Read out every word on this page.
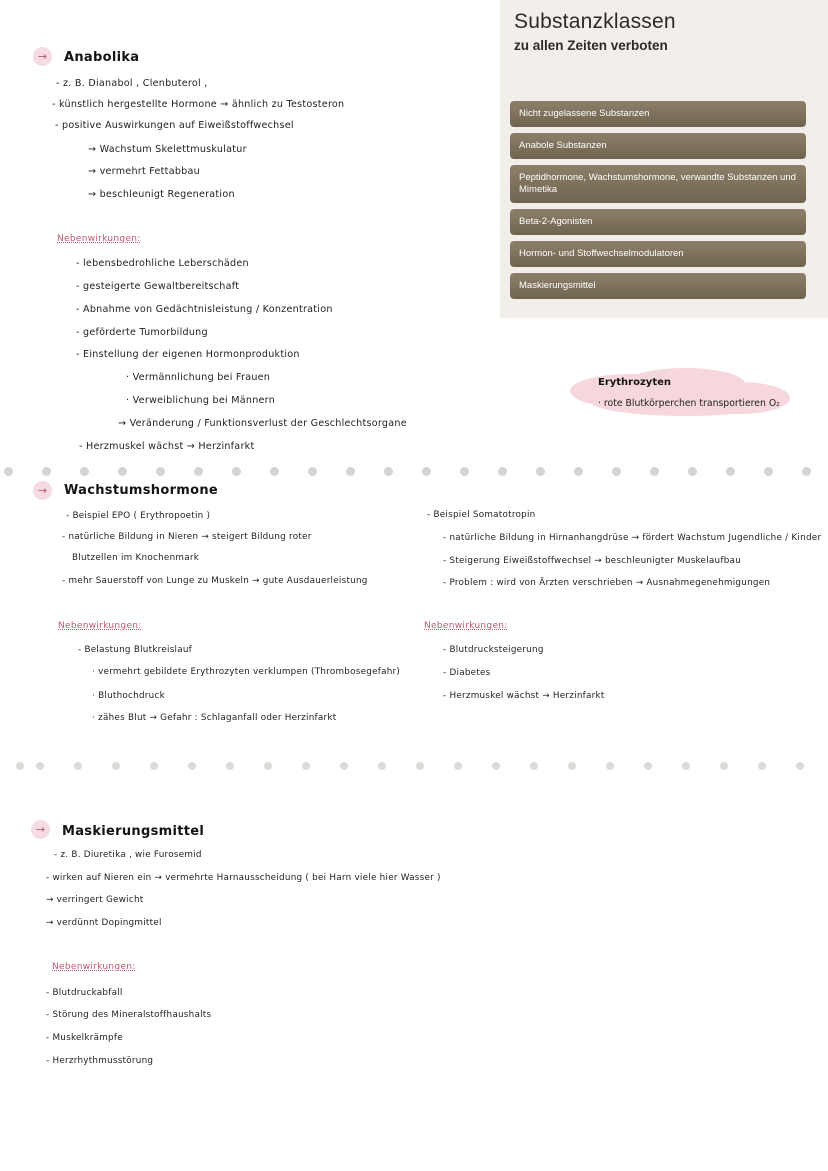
Substanzklassen
zu allen Zeiten verboten
Nicht zugelassene Substanzen
Anabole Substanzen
Peptidhormone, Wachstumshormone, verwandte Substanzen und Mimetika
Beta-2-Agonisten
Hormon- und Stoffwechselmodulatoren
Maskierungsmittel
→	Anabolika
- z. B. Dianabol , Clenbuterol ,
- künstlich hergestellte Hormone → ähnlich zu Testosteron
- positive Auswirkungen auf Eiweißstoffwechsel
→ Wachstum Skelettmuskulatur
→ vermehrt Fettabbau
→ beschleunigt Regeneration
Nebenwirkungen:
- lebensbedrohliche Leberschäden
- gesteigerte Gewaltbereitschaft
- Abnahme von Gedächtnisleistung / Konzentration
- geförderte Tumorbildung
- Einstellung der eigenen Hormonproduktion
· Vermännlichung bei Frauen
· Verweiblichung bei Männern
→ Veränderung / Funktionsverlust der Geschlechtsorgane
- Herzmuskel wächst → Herzinfarkt
Erythrozyten
· rote Blutkörperchen transportieren O₂
→	Wachstumshormone
- Beispiel EPO ( Erythropoetin )
- natürliche Bildung in Nieren → steigert Bildung roter
Blutzellen im Knochenmark
- mehr Sauerstoff von Lunge zu Muskeln → gute Ausdauerleistung
Nebenwirkungen:
- Belastung Blutkreislauf
· vermehrt gebildete Erythrozyten verklumpen (Thrombosegefahr)
· Bluthochdruck
· zähes Blut → Gefahr : Schlaganfall oder Herzinfarkt
- Beispiel Somatotropin
- natürliche Bildung in Hirnanhangdrüse → fördert Wachstum Jugendliche / Kinder
- Steigerung Eiweißstoffwechsel → beschleunigter Muskelaufbau
- Problem : wird von Ärzten verschrieben → Ausnahmegenehmigungen
Nebenwirkungen:
- Blutdrucksteigerung
- Diabetes
- Herzmuskel wächst → Herzinfarkt
→	Maskierungsmittel
- z. B. Diuretika , wie Furosemid
- wirken auf Nieren ein → vermehrte Harnausscheidung ( bei Harn viele hier Wasser )
→ verringert Gewicht
→ verdünnt Dopingmittel
Nebenwirkungen:
- Blutdruckabfall
- Störung des Mineralstoffhaushalts
- Muskelkrämpfe
- Herzrhythmusstörung
